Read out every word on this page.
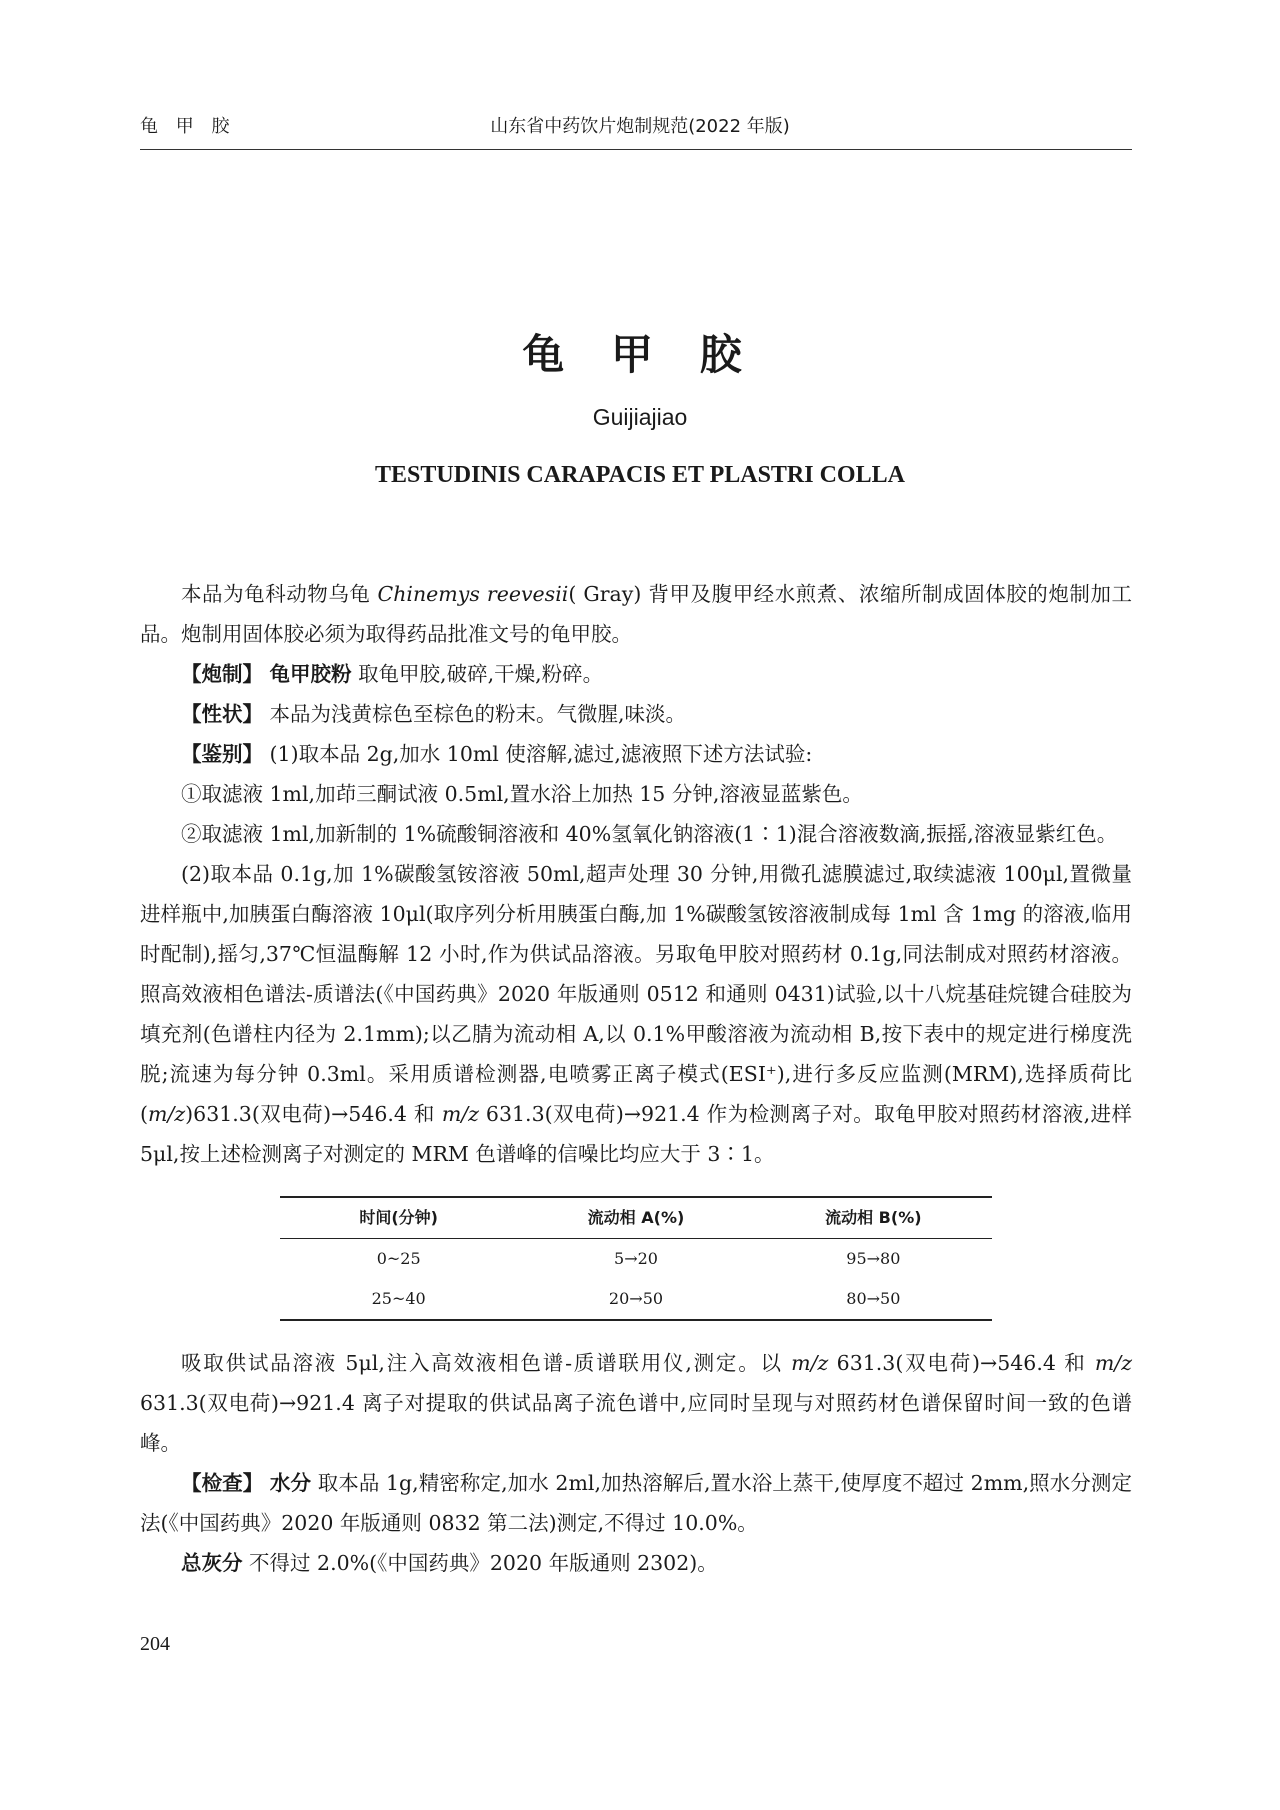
龟 甲 胶	山东省中药饮片炮制规范(2022 年版)
龟 甲 胶
Guijiajiao
TESTUDINIS CARAPACIS ET PLASTRI COLLA

本品为龟科动物乌龟 Chinemys reevesii( Gray) 背甲及腹甲经水煎煮、浓缩所制成固体胶的炮制加工品。炮制用固体胶必须为取得药品批准文号的龟甲胶。

【炮制】 龟甲胶粉 取龟甲胶,破碎,干燥,粉碎。

【性状】 本品为浅黄棕色至棕色的粉末。气微腥,味淡。

【鉴别】 (1)取本品 2g,加水 10ml 使溶解,滤过,滤液照下述方法试验:

①取滤液 1ml,加茚三酮试液 0.5ml,置水浴上加热 15 分钟,溶液显蓝紫色。

②取滤液 1ml,加新制的 1%硫酸铜溶液和 40%氢氧化钠溶液(1∶1)混合溶液数滴,振摇,溶液显紫红色。

(2)取本品 0.1g,加 1%碳酸氢铵溶液 50ml,超声处理 30 分钟,用微孔滤膜滤过,取续滤液 100μl,置微量进样瓶中,加胰蛋白酶溶液 10μl(取序列分析用胰蛋白酶,加 1%碳酸氢铵溶液制成每 1ml 含 1mg 的溶液,临用时配制),摇匀,37℃恒温酶解 12 小时,作为供试品溶液。另取龟甲胶对照药材 0.1g,同法制成对照药材溶液。照高效液相色谱法-质谱法(《中国药典》2020 年版通则 0512 和通则 0431)试验,以十八烷基硅烷键合硅胶为填充剂(色谱柱内径为 2.1mm);以乙腈为流动相 A,以 0.1%甲酸溶液为流动相 B,按下表中的规定进行梯度洗脱;流速为每分钟 0.3ml。采用质谱检测器,电喷雾正离子模式(ESI⁺),进行多反应监测(MRM),选择质荷比(m/z)631.3(双电荷)→546.4 和 m/z 631.3(双电荷)→921.4 作为检测离子对。取龟甲胶对照药材溶液,进样 5μl,按上述检测离子对测定的 MRM 色谱峰的信噪比均应大于 3∶1。

时间(分钟)	流动相 A(%)	流动相 B(%)
0~25	5→20	95→80
25~40	20→50	80→50

吸取供试品溶液 5μl,注入高效液相色谱-质谱联用仪,测定。以 m/z 631.3(双电荷)→546.4 和 m/z 631.3(双电荷)→921.4 离子对提取的供试品离子流色谱中,应同时呈现与对照药材色谱保留时间一致的色谱峰。

【检查】 水分 取本品 1g,精密称定,加水 2ml,加热溶解后,置水浴上蒸干,使厚度不超过 2mm,照水分测定法(《中国药典》2020 年版通则 0832 第二法)测定,不得过 10.0%。

总灰分 不得过 2.0%(《中国药典》2020 年版通则 2302)。

204
